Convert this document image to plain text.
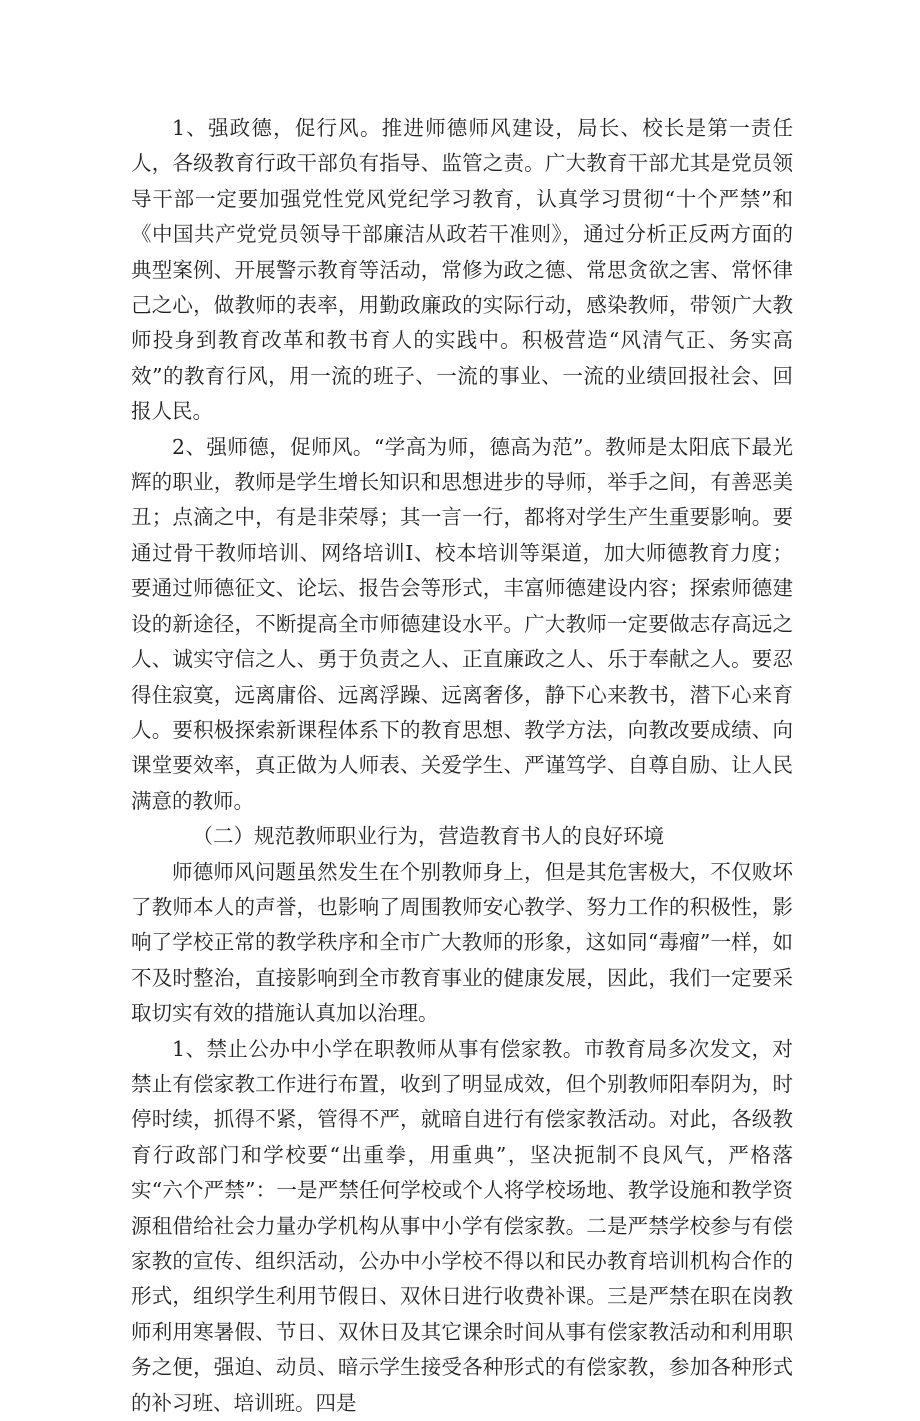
1、强政德，促行风。推进师德师风建设，局长、校长是第一责任人，各级教育行政干部负有指导、监管之责。广大教育干部尤其是党员领导干部一定要加强党性党风党纪学习教育，认真学习贯彻“十个严禁”和《中国共产党党员领导干部廉洁从政若干准则》，通过分析正反两方面的典型案例、开展警示教育等活动，常修为政之德、常思贪欲之害、常怀律己之心，做教师的表率，用勤政廉政的实际行动，感染教师，带领广大教师投身到教育改革和教书育人的实践中。积极营造“风清气正、务实高效”的教育行风，用一流的班子、一流的事业、一流的业绩回报社会、回报人民。

2、强师德，促师风。“学高为师，德高为范”。教师是太阳底下最光辉的职业，教师是学生增长知识和思想进步的导师，举手之间，有善恶美丑；点滴之中，有是非荣辱；其一言一行，都将对学生产生重要影响。要通过骨干教师培训、网络培训Ⅰ、校本培训等渠道，加大师德教育力度；要通过师德征文、论坛、报告会等形式，丰富师德建设内容；探索师德建设的新途径，不断提高全市师德建设水平。广大教师一定要做志存高远之人、诚实守信之人、勇于负责之人、正直廉政之人、乐于奉献之人。要忍得住寂寞，远离庸俗、远离浮躁、远离奢侈，静下心来教书，潜下心来育人。要积极探索新课程体系下的教育思想、教学方法，向教改要成绩、向课堂要效率，真正做为人师表、关爱学生、严谨笃学、自尊自励、让人民满意的教师。

（二）规范教师职业行为，营造教育书人的良好环境

师德师风问题虽然发生在个别教师身上，但是其危害极大，不仅败坏了教师本人的声誉，也影响了周围教师安心教学、努力工作的积极性，影响了学校正常的教学秩序和全市广大教师的形象，这如同“毒瘤”一样，如不及时整治，直接影响到全市教育事业的健康发展，因此，我们一定要采取切实有效的措施认真加以治理。

1、禁止公办中小学在职教师从事有偿家教。市教育局多次发文，对禁止有偿家教工作进行布置，收到了明显成效，但个别教师阳奉阴为，时停时续，抓得不紧，管得不严，就暗自进行有偿家教活动。对此，各级教育行政部门和学校要“出重拳，用重典”，坚决扼制不良风气，严格落实“六个严禁”：一是严禁任何学校或个人将学校场地、教学设施和教学资源租借给社会力量办学机构从事中小学有偿家教。二是严禁学校参与有偿家教的宣传、组织活动，公办中小学校不得以和民办教育培训机构合作的形式，组织学生利用节假日、双休日进行收费补课。三是严禁在职在岗教师利用寒暑假、节日、双休日及其它课余时间从事有偿家教活动和利用职务之便，强迫、动员、暗示学生接受各种形式的有偿家教，参加各种形式的补习班、培训班。四是
